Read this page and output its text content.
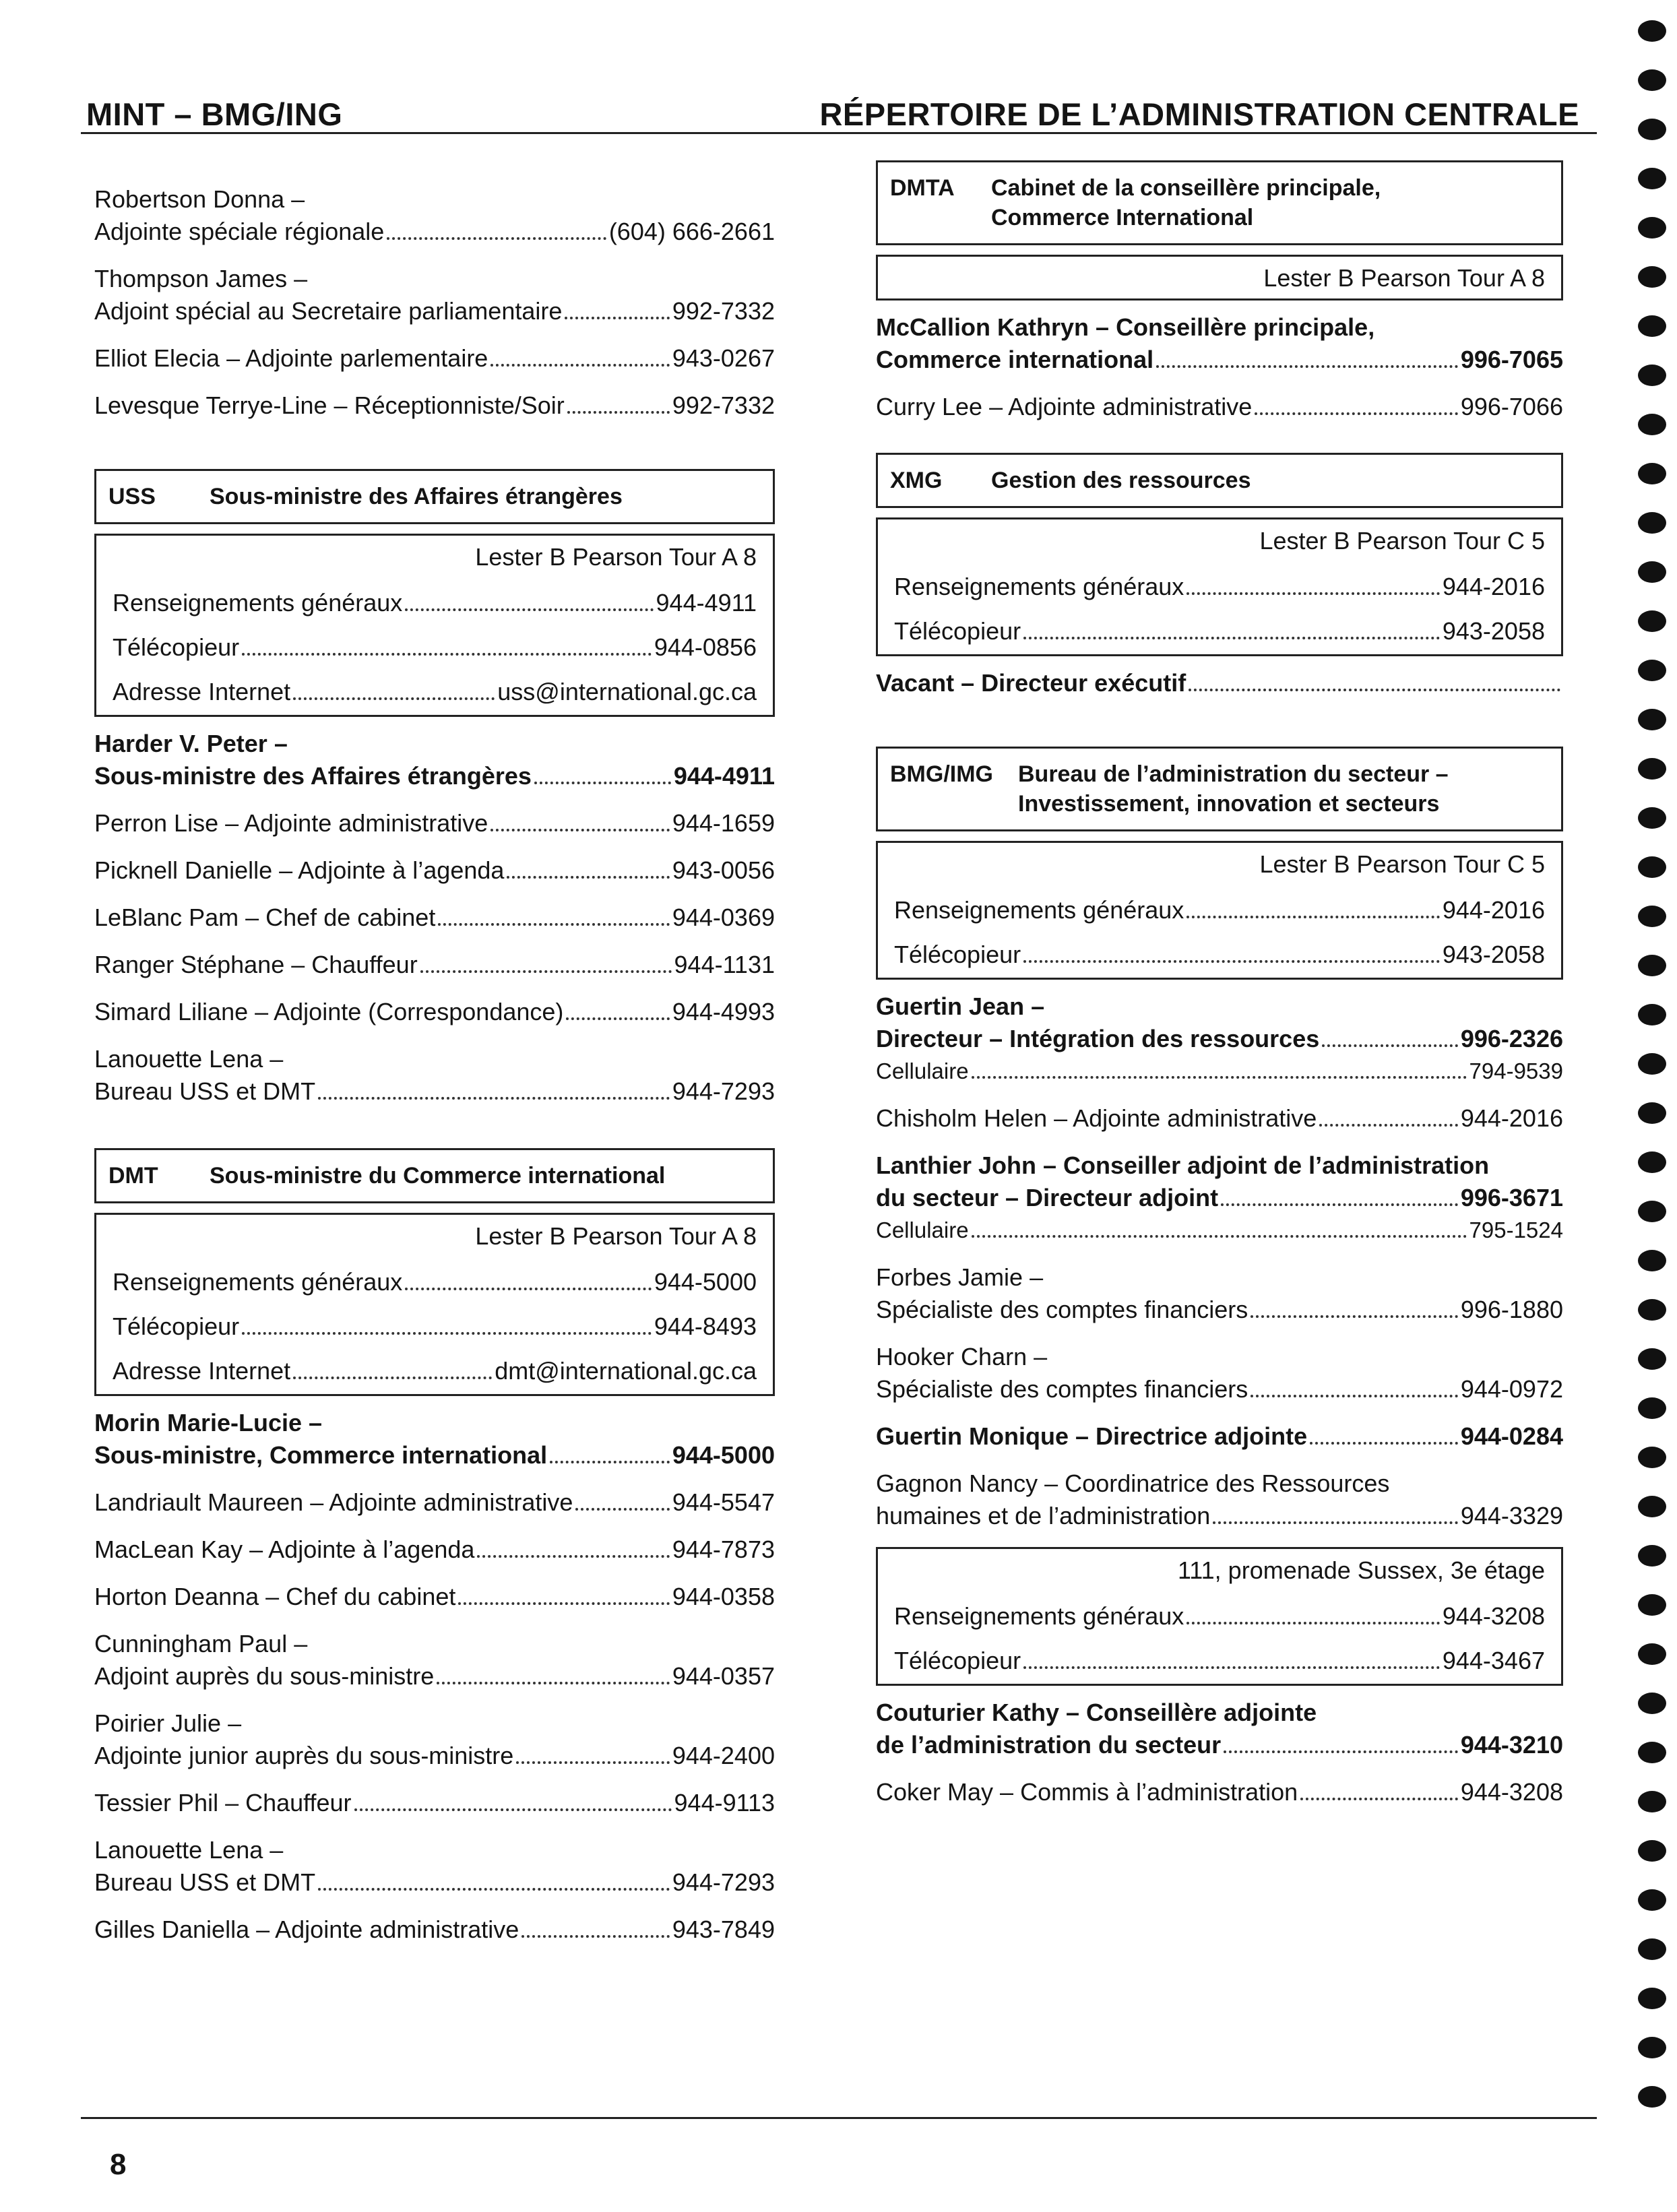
MINT – BMG/ING	RÉPERTOIRE DE L’ADMINISTRATION CENTRALE
Robertson Donna –
Adjointe spéciale régionale	(604) 666-2661
Thompson James –
Adjoint spécial au Secretaire parliamentaire	992-7332
Elliot Elecia – Adjointe parlementaire	943-0267
Levesque Terrye-Line – Réceptionniste/Soir	992-7332
USS	Sous-ministre des Affaires étrangères
Lester B Pearson Tour A 8
Renseignements généraux	944-4911
Télécopieur	944-0856
Adresse Internet	uss@international.gc.ca
Harder V. Peter –
Sous-ministre des Affaires étrangères	944-4911
Perron Lise – Adjointe administrative	944-1659
Picknell Danielle – Adjointe à l’agenda	943-0056
LeBlanc Pam – Chef de cabinet	944-0369
Ranger Stéphane – Chauffeur	944-1131
Simard Liliane – Adjointe (Correspondance)	944-4993
Lanouette Lena –
Bureau USS et DMT	944-7293
DMT	Sous-ministre du Commerce international
Lester B Pearson Tour A 8
Renseignements généraux	944-5000
Télécopieur	944-8493
Adresse Internet	dmt@international.gc.ca
Morin Marie-Lucie –
Sous-ministre, Commerce international	944-5000
Landriault Maureen – Adjointe administrative	944-5547
MacLean Kay – Adjointe à l’agenda	944-7873
Horton Deanna – Chef du cabinet	944-0358
Cunningham Paul –
Adjoint auprès du sous-ministre	944-0357
Poirier Julie –
Adjointe junior auprès du sous-ministre	944-2400
Tessier Phil – Chauffeur	944-9113
Lanouette Lena –
Bureau USS et DMT	944-7293
Gilles Daniella – Adjointe administrative	943-7849
DMTA	Cabinet de la conseillère principale,
Commerce International
Lester B Pearson Tour A 8
McCallion Kathryn – Conseillère principale,
Commerce international	996-7065
Curry Lee – Adjointe administrative	996-7066
XMG	Gestion des ressources
Lester B Pearson Tour C 5
Renseignements généraux	944-2016
Télécopieur	943-2058
Vacant – Directeur exécutif
BMG/IMG	Bureau de l’administration du secteur –
Investissement, innovation et secteurs
Lester B Pearson Tour C 5
Renseignements généraux	944-2016
Télécopieur	943-2058
Guertin Jean –
Directeur – Intégration des ressources	996-2326
Cellulaire	794-9539
Chisholm Helen – Adjointe administrative	944-2016
Lanthier John – Conseiller adjoint de l’administration
du secteur – Directeur adjoint	996-3671
Cellulaire	795-1524
Forbes Jamie –
Spécialiste des comptes financiers	996-1880
Hooker Charn –
Spécialiste des comptes financiers	944-0972
Guertin Monique – Directrice adjointe	944-0284
Gagnon Nancy – Coordinatrice des Ressources
humaines et de l’administration	944-3329
111, promenade Sussex, 3e étage
Renseignements généraux	944-3208
Télécopieur	944-3467
Couturier Kathy – Conseillère adjointe
de l’administration du secteur	944-3210
Coker May – Commis à l’administration	944-3208
8
